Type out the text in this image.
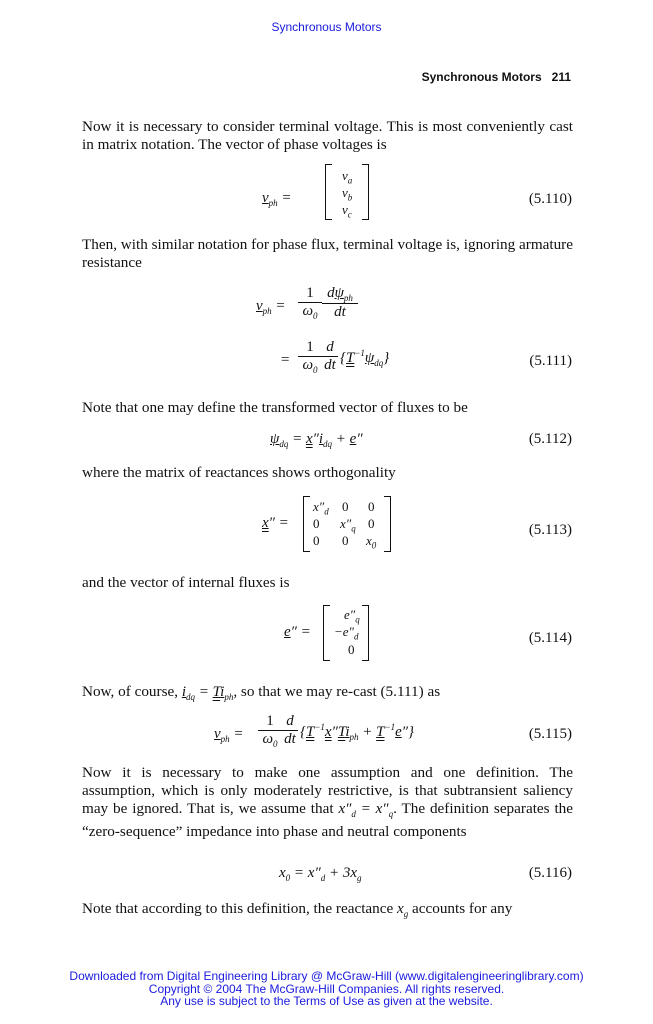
Synchronous Motors
Synchronous Motors 211

Now it is necessary to consider terminal voltage. This is most conveniently cast in matrix notation. The vector of phase voltages is

$v_{ph}$ =
$v_a$
$v_b$
$v_c$
(5.110)

Then, with similar notation for phase flux, terminal voltage is, ignoring armature resistance

$v_{ph} = \frac{1}{\omega_0} d\psi_{ph}$
dt
= $\frac{1}{\omega_0} \frac{d}{dt} \{T^{-1}\psi_{dq}\}$	(5.111)

Note that one may define the transformed vector of fluxes to be

$\psi_{dq} = x''i_{dq} + e''$	(5.112)

where the matrix of reactances shows orthogonality

x″ =
$x''_d$ 0 0
0 $x''_q$ 0
0 0 $x_0$
(5.113)

and the vector of internal fluxes is

e″ =
$e''_q$
$-e''_d$
0
(5.114)

Now, of course, $i_{dq} = Ti_{ph}$, so that we may re-cast (5.111) as

$v_{ph} = \frac{1}{\omega_0} \frac{d}{dt} \{T^{-1}x''Ti_{ph} + T^{-1}e''\}$	(5.115)

Now it is necessary to make one assumption and one definition. The assumption, which is only moderately restrictive, is that subtransient saliency may be ignored. That is, we assume that $x''_d = x''_q$. The definition separates the “zero-sequence” impedance into phase and neutral components

$x_0 = x''_d + 3x_g$	(5.116)

Note that according to this definition, the reactance $x_g$ accounts for any

Downloaded from Digital Engineering Library @ McGraw-Hill (www.digitalengineeringlibrary.com)
Copyright © 2004 The McGraw-Hill Companies. All rights reserved.
Any use is subject to the Terms of Use as given at the website.
